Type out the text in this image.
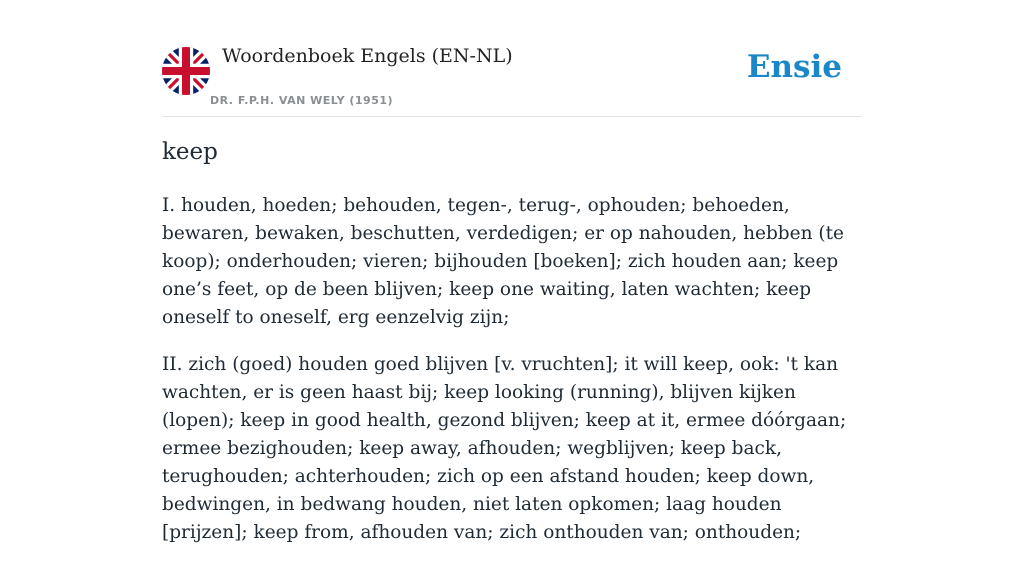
Woordenboek Engels (EN-NL)
DR. F.P.H. VAN WELY (1951)
Ensie
keep

I. houden, hoeden; behouden, tegen-, terug-, ophouden; behoeden, bewaren, bewaken, beschutten, verdedigen; er op nahouden, hebben (te koop); onderhouden; vieren; bijhouden [boeken]; zich houden aan; keep one’s feet, op de been blijven; keep one waiting, laten wachten; keep oneself to oneself, erg eenzelvig zijn;

II. zich (goed) houden goed blijven [v. vruchten]; it will keep, ook: 't kan wachten, er is geen haast bij; keep looking (running), blijven kijken (lopen); keep in good health, gezond blijven; keep at it, ermee dóórgaan; ermee bezighouden; keep away, afhouden; wegblijven; keep back, terughouden; achterhouden; zich op een afstand houden; keep down, bedwingen, in bedwang houden, niet laten opkomen; laag houden [prijzen]; keep from, afhouden van; zich onthouden van; onthouden;
